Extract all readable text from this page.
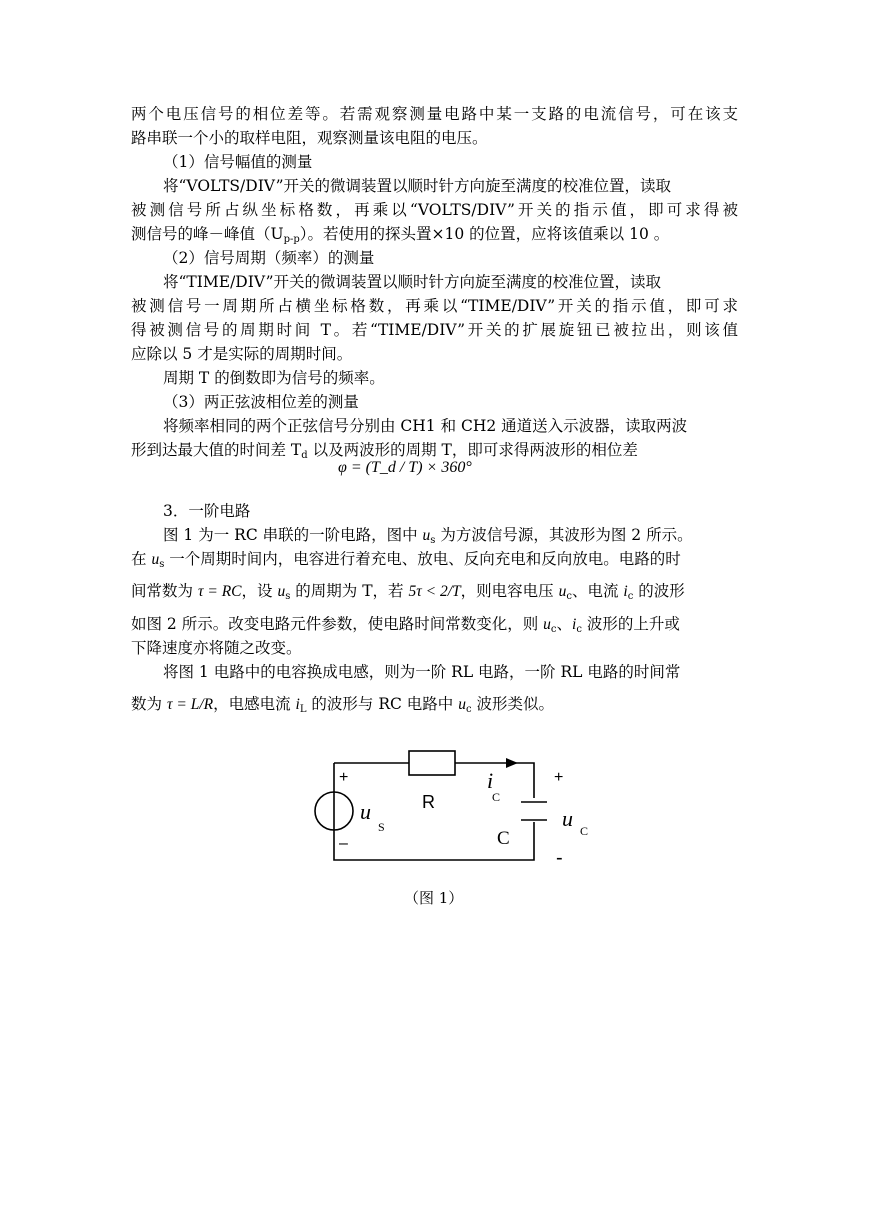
两个电压信号的相位差等。若需观察测量电路中某一支路的电流信号，可在该支
路串联一个小的取样电阻，观察测量该电阻的电压。
（1）信号幅值的测量
将“VOLTS/DIV”开关的微调装置以顺时针方向旋至满度的校准位置，读取
被测信号所占纵坐标格数，再乘以“VOLTS/DIV”开关的指示值，即可求得被
测信号的峰－峰值$(U_{p-p})$。若使用的探头置×10 的位置，应将该值乘以 10 。
（2）信号周期（频率）的测量
将“TIME/DIV”开关的微调装置以顺时针方向旋至满度的校准位置，读取
被测信号一周期所占横坐标格数，再乘以“TIME/DIV”开关的指示值，即可求
得被测信号的周期时间 T。若“TIME/DIV”开关的扩展旋钮已被拉出，则该值
应除以 5 才是实际的周期时间。
周期 T 的倒数即为信号的频率。
（3）两正弦波相位差的测量
将频率相同的两个正弦信号分别由 CH1 和 CH2 通道送入示波器，读取两波
形到达最大值的时间差 $T_d$ 以及两波形的周期 T，即可求得两波形的相位差
φ = (T_d / T) × 360°
3．一阶电路
图 1 为一 RC 串联的一阶电路，图中 $u_s$ 为方波信号源，其波形为图 2 所示。
在 $u_s$ 一个周期时间内，电容进行着充电、放电、反向充电和反向放电。电路的时
间常数为 τ = RC，设 $u_s$ 的周期为 T，若 5τ < 2/T，则电容电压 $u_c$、电流 $i_c$ 的波形
如图 2 所示。改变电路元件参数，使电路时间常数变化，则 $u_c$、$i_c$ 波形的上升或
下降速度亦将随之改变。
将图 1 电路中的电容换成电感，则为一阶 RL 电路，一阶 RL 电路的时间常
数为 τ = L/R，电感电流 $i_L$ 的波形与 RC 电路中 $u_c$ 波形类似。
+
–
R
+
-
u
S
i
C
C
u C
（图 1）
